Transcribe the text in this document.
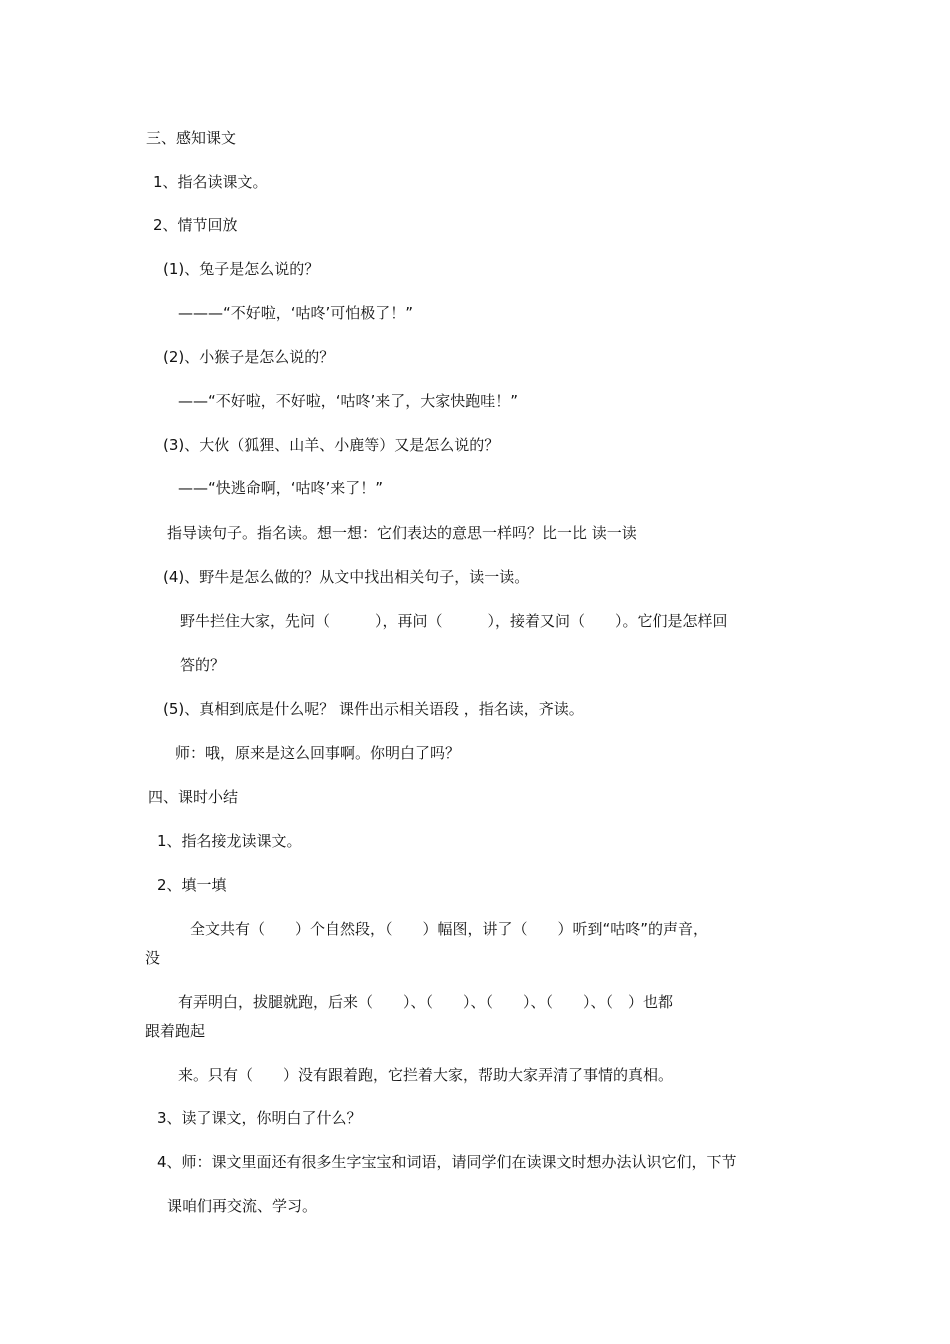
三、感知课文
1、指名读课文。
2、情节回放
(1)、兔子是怎么说的？
———“不好啦，‘咕咚’可怕极了！”
(2)、小猴子是怎么说的？
——“不好啦，不好啦，‘咕咚’来了，大家快跑哇！”
(3)、大伙（狐狸、山羊、小鹿等）又是怎么说的？
——“快逃命啊，‘咕咚’来了！”
指导读句子。指名读。想一想：它们表达的意思一样吗？比一比 读一读
(4)、野牛是怎么做的？从文中找出相关句子，读一读。
野牛拦住大家，先问（　　　），再问（　　　），接着又问（　　）。它们是怎样回
答的？
(5)、真相到底是什么呢？ 课件出示相关语段 ，指名读，齐读。
师：哦，原来是这么回事啊。你明白了吗？
四、课时小结
1、指名接龙读课文。
2、填一填
全文共有（　　）个自然段，（　　）幅图，讲了（　　）听到“咕咚”的声音，
没
有弄明白，拔腿就跑，后来（　　）、（　　）、（　　）、（　　）、（　）也都
跟着跑起
来。只有（　　）没有跟着跑，它拦着大家，帮助大家弄清了事情的真相。
3、读了课文，你明白了什么？
4、师：课文里面还有很多生字宝宝和词语，请同学们在读课文时想办法认识它们，下节
课咱们再交流、学习。
